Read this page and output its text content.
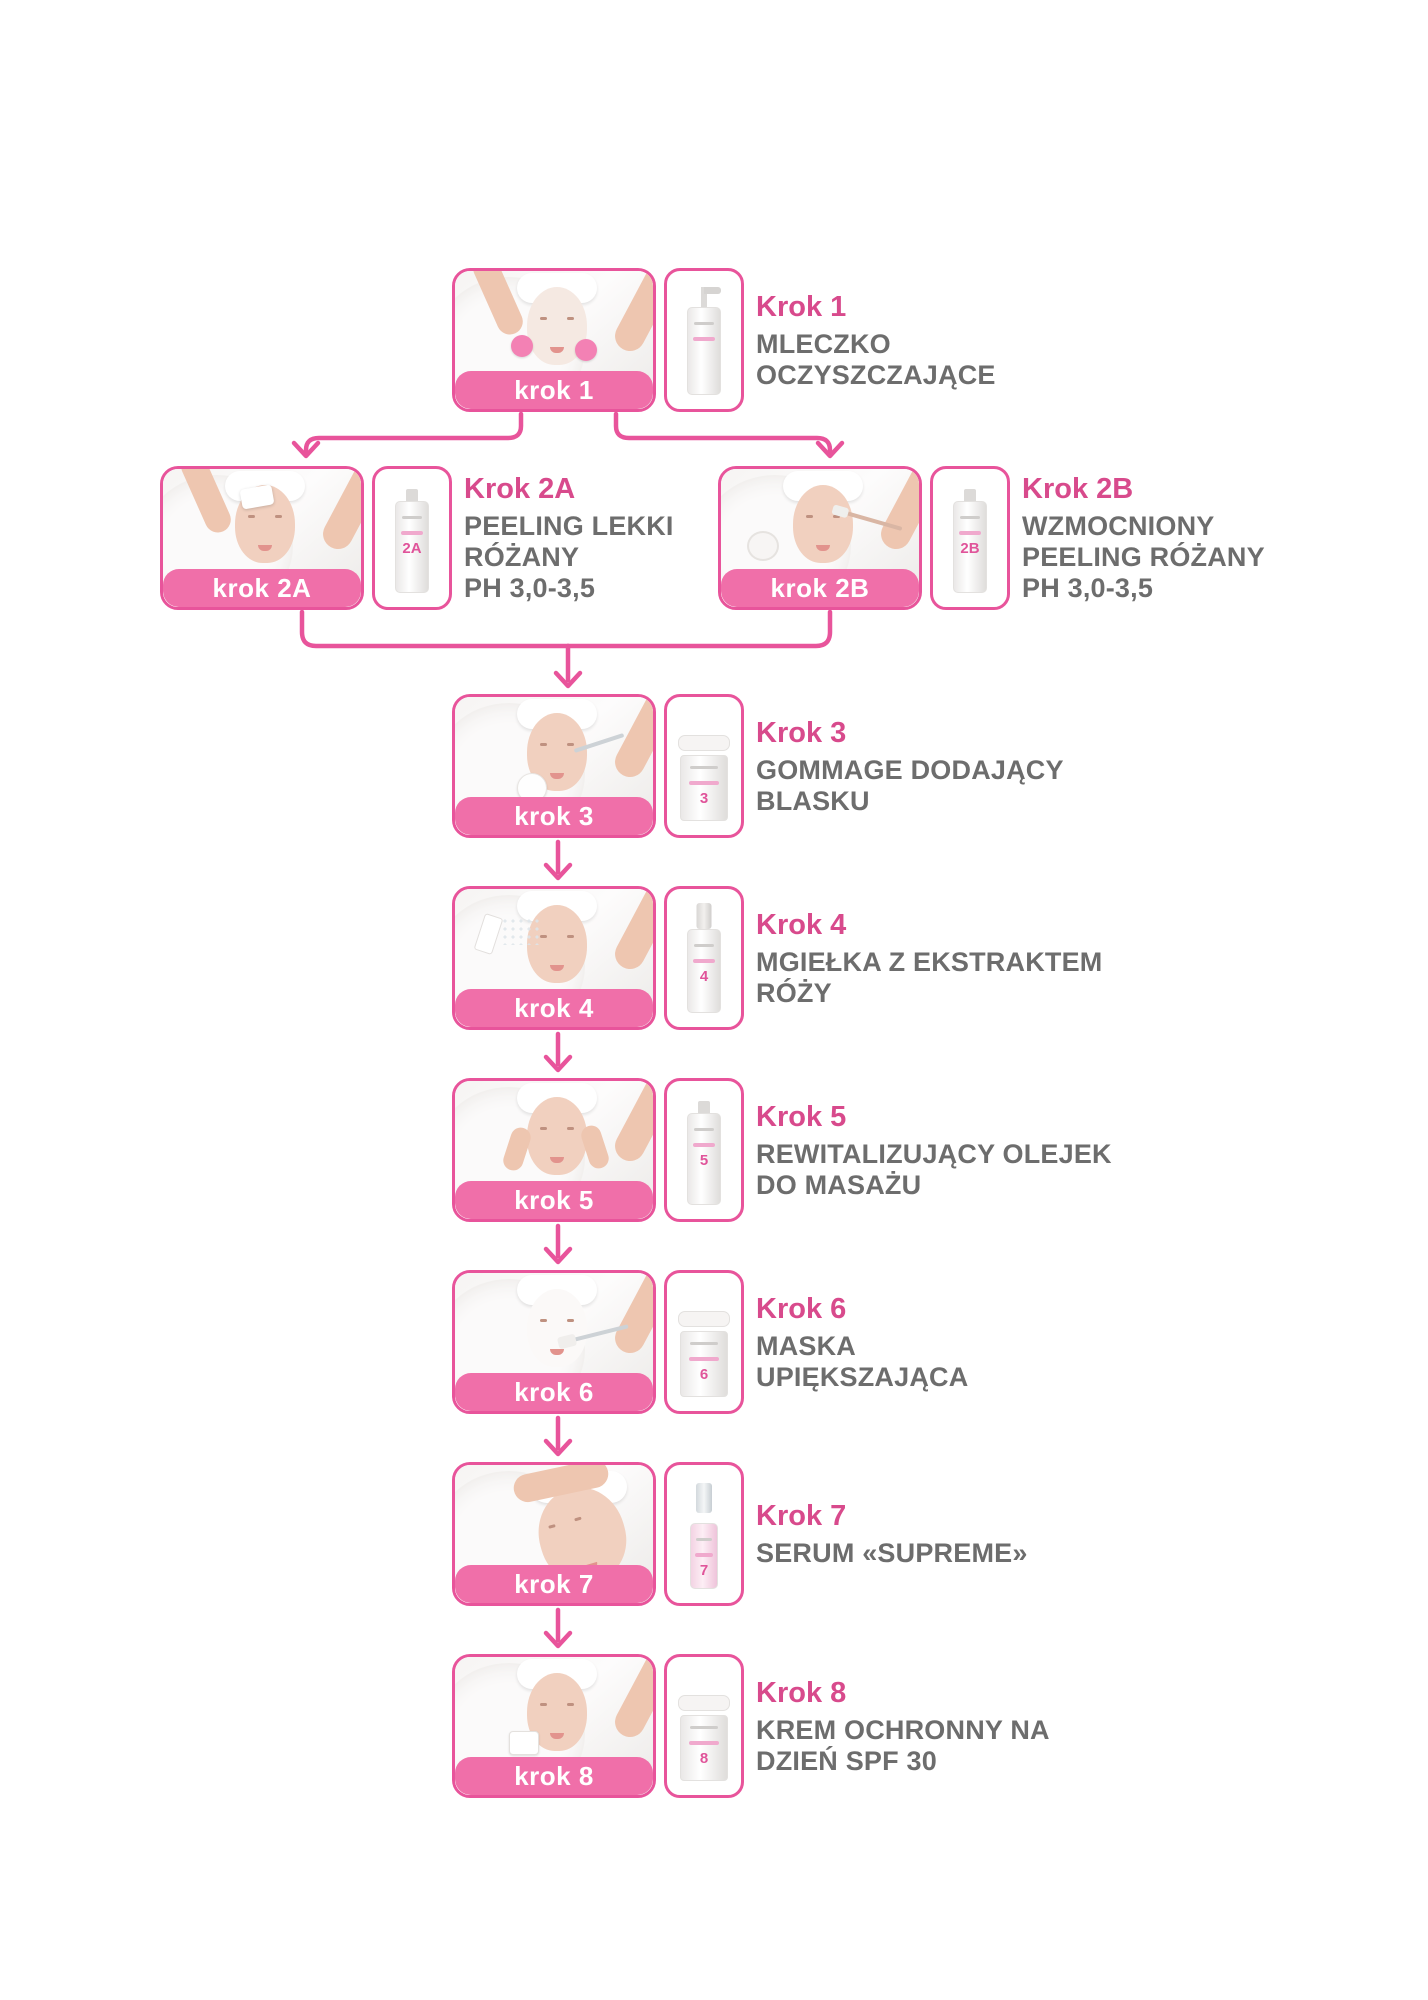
krok 1
Krok 1
MLECZKO
OCZYSZCZAJĄCE
krok 2A
2A
Krok 2A
PEELING LEKKI
RÓŻANY
PH 3,0-3,5	krok 2B
2B
Krok 2B
WZMOCNIONY
PEELING RÓŻANY
PH 3,0-3,5
krok 3
3
Krok 3
GOMMAGE DODAJĄCY
BLASKU
krok 4
4
Krok 4
MGIEŁKA Z EKSTRAKTEM
RÓŻY
krok 5
5
Krok 5
REWITALIZUJĄCY OLEJEK
DO MASAŻU
krok 6
6
Krok 6
MASKA
UPIĘKSZAJĄCA
krok 7	7
Krok 7
SERUM «SUPREME»
krok 8
8
Krok 8
KREM OCHRONNY NA
DZIEŃ SPF 30
